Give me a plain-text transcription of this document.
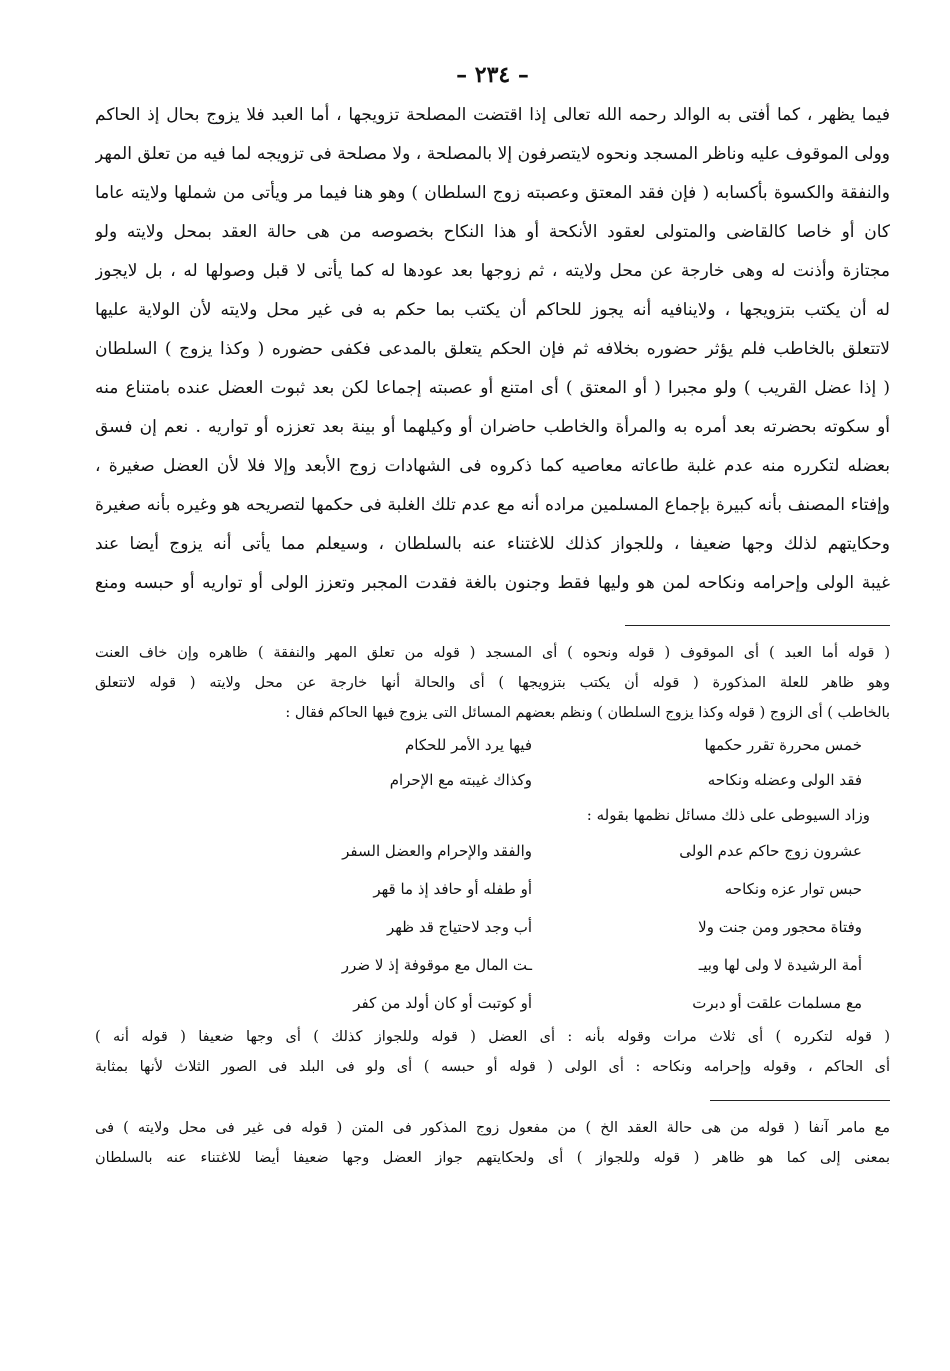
– ٢٣٤ –
فيما يظهر ، كما أفتى به الوالد رحمه الله تعالى إذا اقتضت المصلحة تزويجها ، أما العبد فلا يزوج بحال إذ الحاكم
وولى الموقوف عليه وناظر المسجد ونحوه لايتصرفون إلا بالمصلحة ، ولا مصلحة فى تزويجه لما فيه من تعلق المهر
والنفقة والكسوة بأكسابه ( فإن فقد المعتق وعصبته زوج السلطان ) وهو هنا فيما مر ويأتى من شملها ولايته عاما
كان أو خاصا كالقاضى والمتولى لعقود الأنكحة أو هذا النكاح بخصوصه من هى حالة العقد بمحل ولايته ولو
مجتازة وأذنت له وهى خارجة عن محل ولايته ، ثم زوجها بعد عودها له كما يأتى لا قبل وصولها له ، بل لايجوز
له أن يكتب بتزويجها ، ولاينافيه أنه يجوز للحاكم أن يكتب بما حكم به فى غير محل ولايته لأن الولاية عليها
لاتتعلق بالخاطب فلم يؤثر حضوره بخلافه ثم فإن الحكم يتعلق بالمدعى فكفى حضوره ( وكذا يزوج ) السلطان
( إذا عضل القريب ) ولو مجبرا ( أو المعتق ) أى امتنع أو عصبته إجماعا لكن بعد ثبوت العضل عنده بامتناع منه
أو سكوته بحضرته بعد أمره به والمرأة والخاطب حاضران أو وكيلهما أو بينة بعد تعززه أو تواريه . نعم إن فسق
بعضله لتكرره منه عدم غلبة طاعاته معاصيه كما ذكروه فى الشهادات زوج الأبعد وإلا فلا لأن العضل صغيرة ،
وإفتاء المصنف بأنه كبيرة بإجماع المسلمين مراده أنه مع عدم تلك الغلبة فى حكمها لتصريحه هو وغيره بأنه صغيرة
وحكايتهم لذلك وجها ضعيفا ، وللجواز كذلك للاغتناء عنه بالسلطان ، وسيعلم مما يأتى أنه يزوج أيضا عند
غيبة الولى وإحرامه ونكاحه لمن هو وليها فقط وجنون بالغة فقدت المجبر وتعزز الولى أو تواريه أو حبسه ومنع
( قوله أما العبد ) أى الموقوف ( قوله ونحوه ) أى المسجد ( قوله من تعلق المهر والنفقة ) ظاهره وإن خاف العنت
وهو ظاهر للعلة المذكورة ( قوله أن يكتب بتزويجها ) أى والحالة أنها خارجة عن محل ولايته ( قوله لاتتعلق
بالخاطب ) أى الزوج ( قوله وكذا يزوج السلطان ) ونظم بعضهم المسائل التى يزوج فيها الحاكم فقال :
خمس محررة تقرر حكمها
فيها يرد الأمر للحكام
فقد الولى وعضله ونكاحه
وكذاك غيبته مع الإحرام
وزاد السيوطى على ذلك مسائل نظمها بقوله :
عشرون زوج حاكم عدم الولى
والفقد والإحرام والعضل السفر
حبس توار عزه ونكاحه
أو طفله أو حافد إذ ما قهر
وفتاة محجور ومن جنت ولا
أب وجد لاحتياج قد ظهر
أمة الرشيدة لا ولى لها وبيـ
ـت المال مع موقوفة إذ لا ضرر
مع مسلمات علقت أو دبرت
أو كوتبت أو كان أولد من كفر
( قوله لتكرره ) أى ثلاث مرات وقوله بأنه : أى العضل ( قوله وللجواز كذلك ) أى وجها ضعيفا ( قوله أنه )
أى الحاكم ، وقوله وإحرامه ونكاحه : أى الولى ( قوله أو حبسه ) أى ولو فى البلد فى الصور الثلاث لأنها بمثابة
مع مامر آنفا ( قوله من هى حالة العقد الخ ) من مفعول زوج المذكور فى المتن ( قوله فى غير فى محل ولايته ) فى
بمعنى إلى كما هو ظاهر ( قوله وللجواز ) أى ولحكايتهم جواز العضل وجها ضعيفا أيضا للاغتناء عنه بالسلطان
